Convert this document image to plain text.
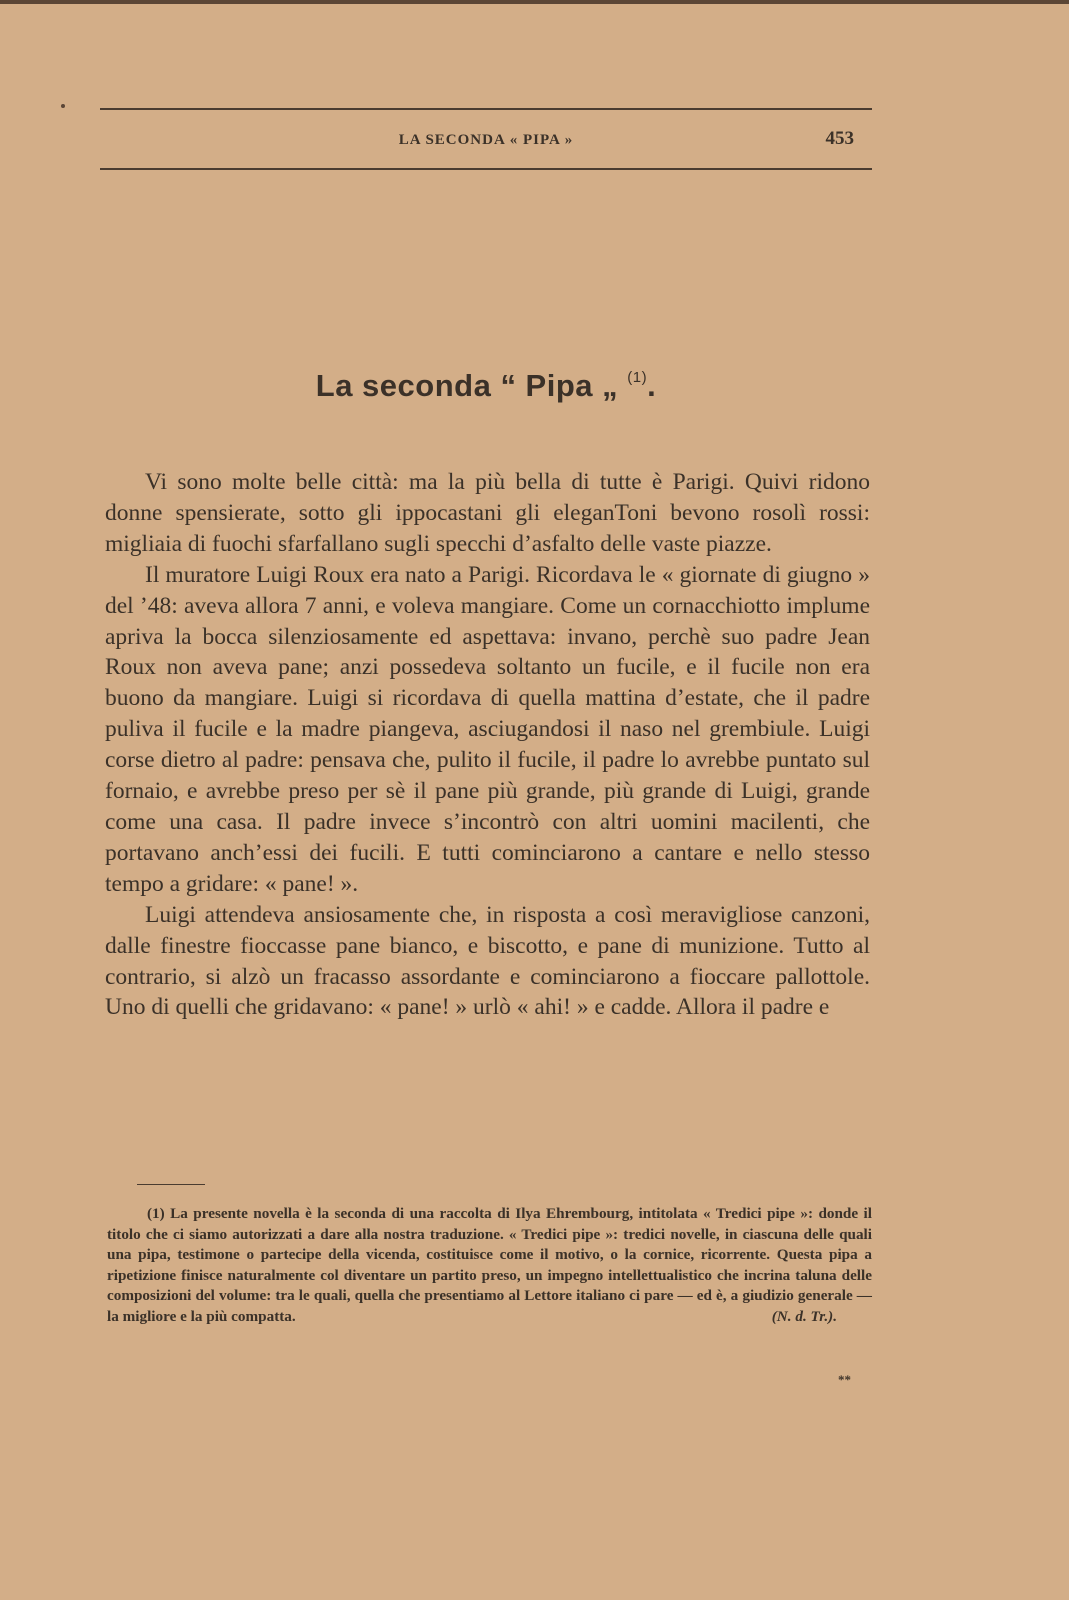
LA SECONDA « PIPA »	453
La seconda “ Pipa „ $^{(1)}$.

Vi sono molte belle città: ma la più bella di tutte è Parigi. Quivi ridono donne spensierate, sotto gli ippocastani gli eleganToni bevono rosolì rossi: migliaia di fuochi sfarfallano sugli specchi d’asfalto delle vaste piazze.

Il muratore Luigi Roux era nato a Parigi. Ricordava le « giornate di giugno » del ’48: aveva allora 7 anni, e voleva mangiare. Come un cornacchiotto implume apriva la bocca silenziosamente ed aspettava: invano, perchè suo padre Jean Roux non aveva pane; anzi possedeva soltanto un fucile, e il fucile non era buono da mangiare. Luigi si ricordava di quella mattina d’estate, che il padre puliva il fucile e la madre piangeva, asciugandosi il naso nel grembiule. Luigi corse dietro al padre: pensava che, pulito il fucile, il padre lo avrebbe puntato sul fornaio, e avrebbe preso per sè il pane più grande, più grande di Luigi, grande come una casa. Il padre invece s’incontrò con altri uomini macilenti, che portavano anch’essi dei fucili. E tutti cominciarono a cantare e nello stesso tempo a gridare: « pane! ».

Luigi attendeva ansiosamente che, in risposta a così meravigliose canzoni, dalle finestre fioccasse pane bianco, e biscotto, e pane di munizione. Tutto al contrario, si alzò un fracasso assordante e cominciarono a fioccare pallottole. Uno di quelli che gridavano: « pane! » urlò « ahi! » e cadde. Allora il padre e

(1) La presente novella è la seconda di una raccolta di Ilya Ehrembourg, intitolata « Tredici pipe »: donde il titolo che ci siamo autorizzati a dare alla nostra traduzione. « Tredici pipe »: tredici novelle, in ciascuna delle quali una pipa, testimone o partecipe della vicenda, costituisce come il motivo, o la cornice, ricorrente. Questa pipa a ripetizione finisce naturalmente col diventare un partito preso, un impegno intellettualistico che incrina taluna delle composizioni del volume: tra le quali, quella che presentiamo al Lettore italiano ci pare — ed è, a giudizio generale — la migliore e la più compatta.	(N. d. Tr.).

**
